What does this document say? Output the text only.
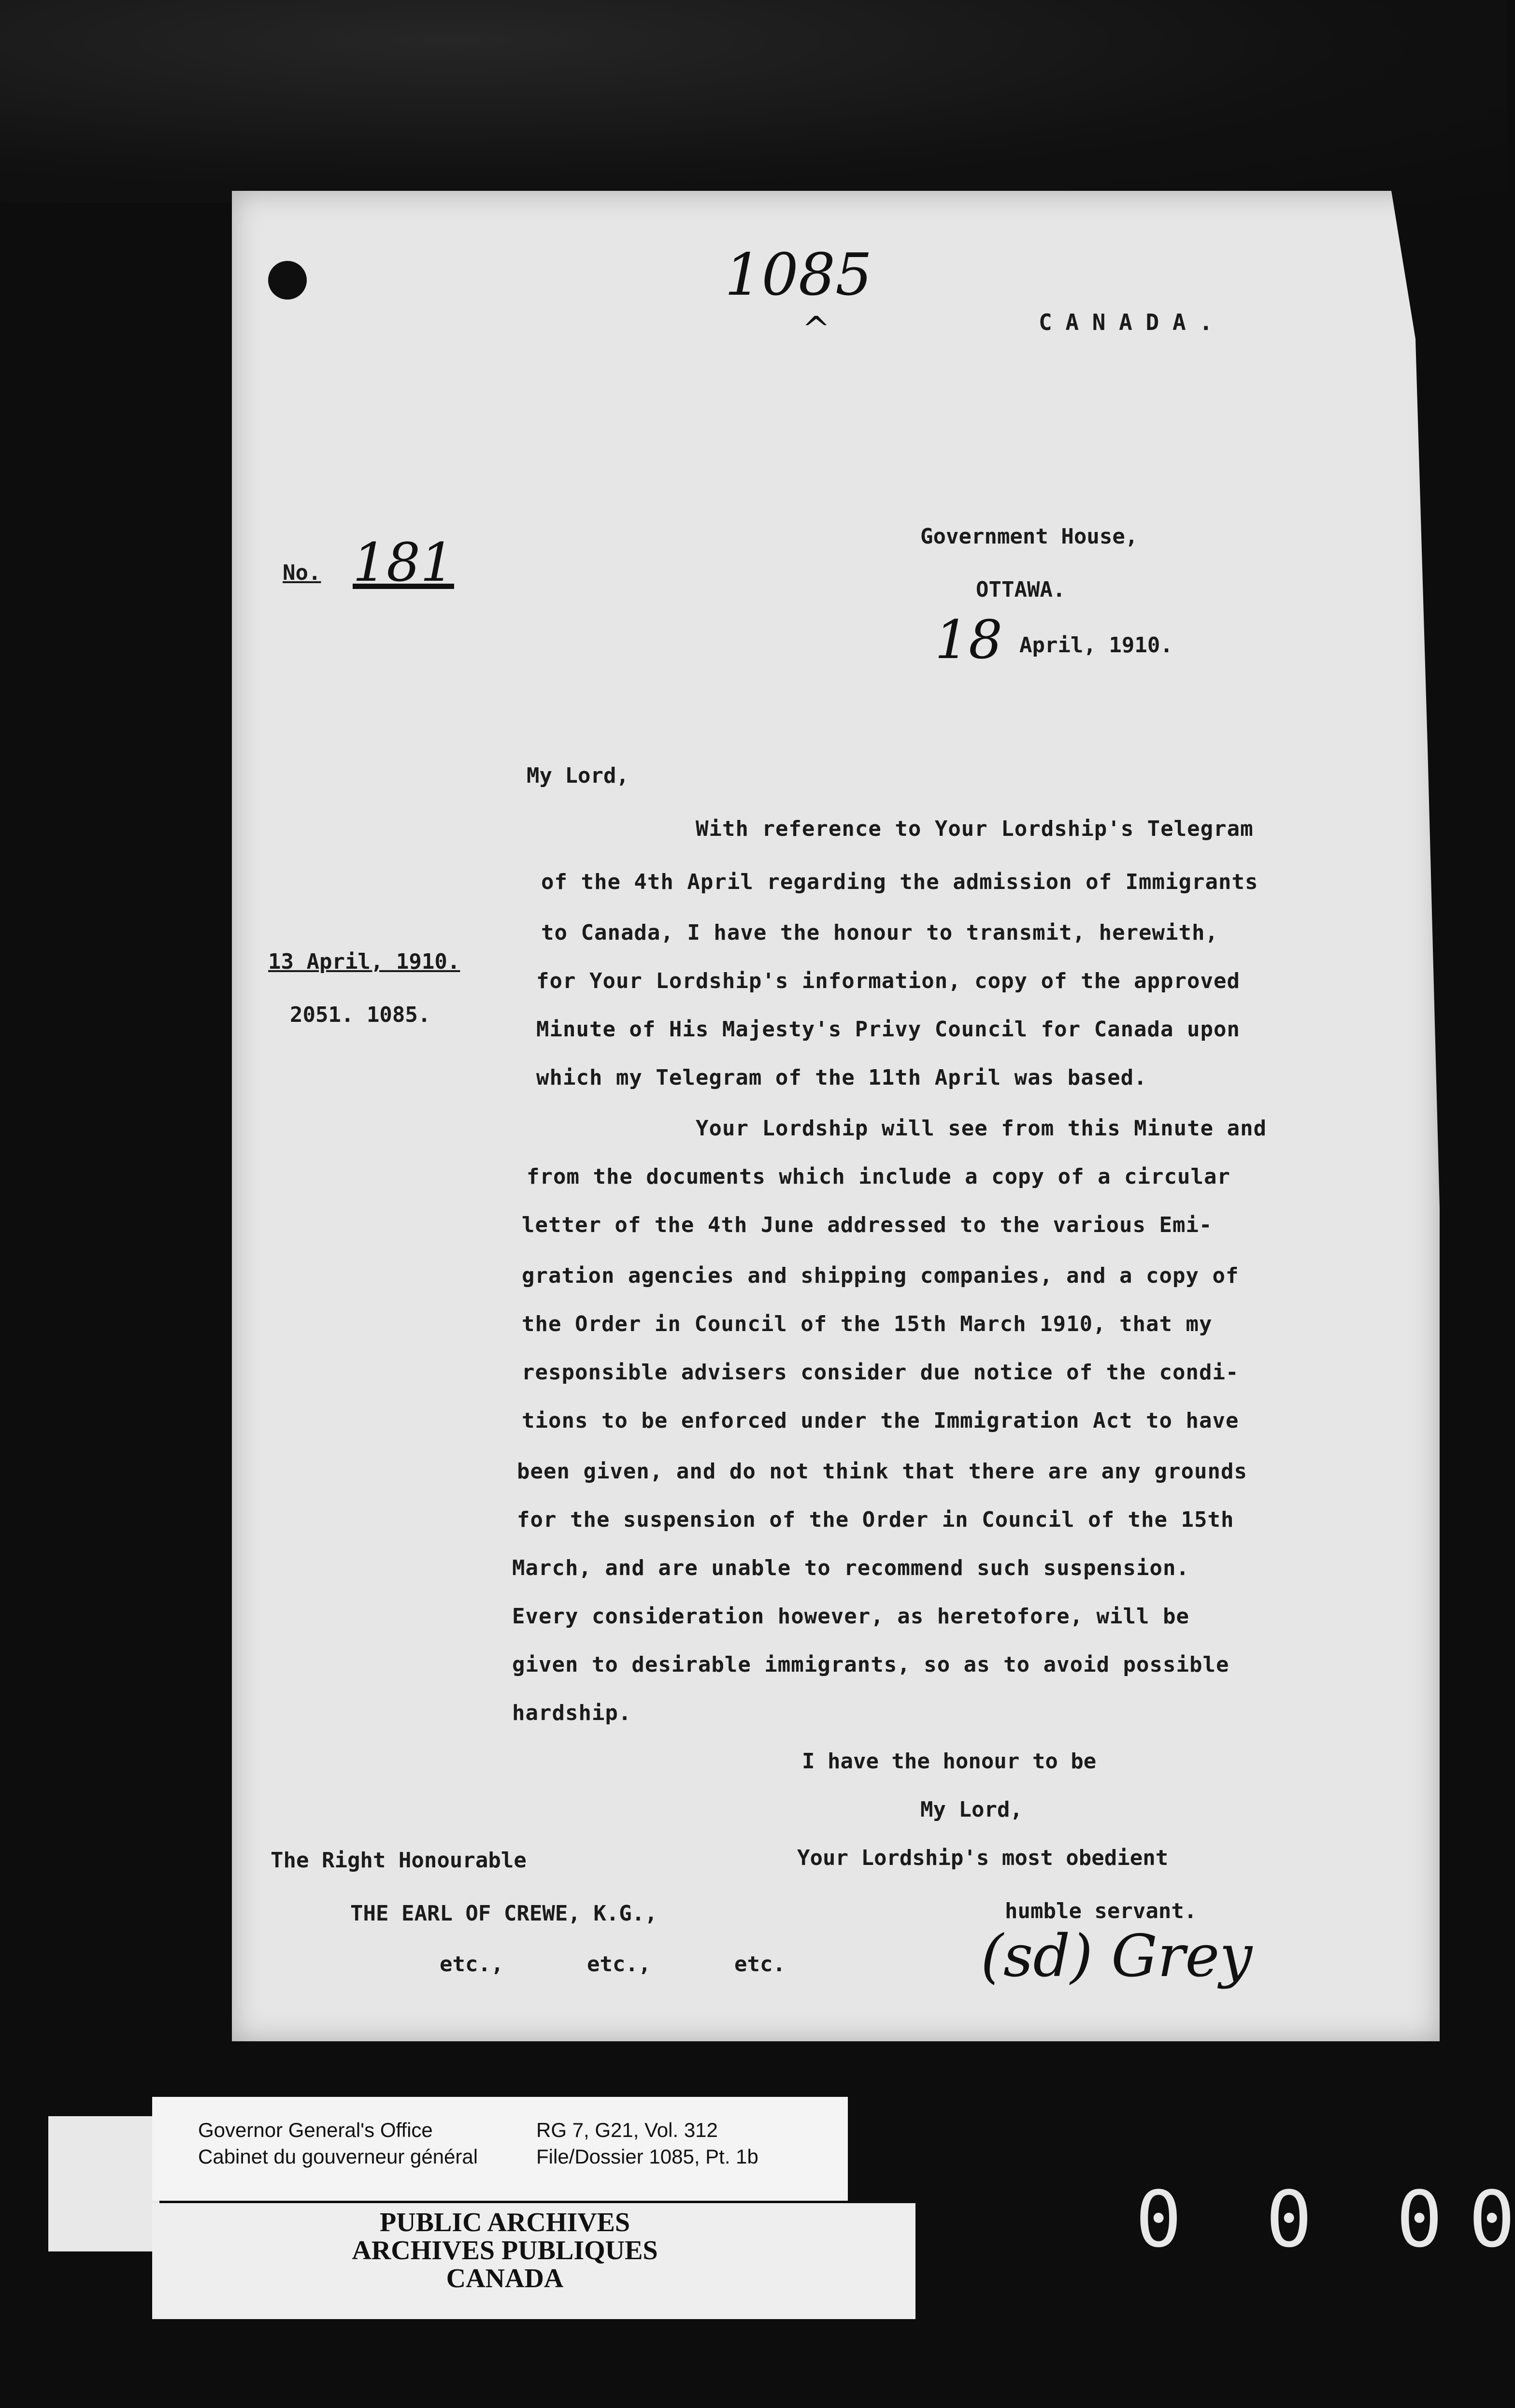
1085
^	C A N A D A .
Government House,
OTTAWA.
18 April, 1910.
No. 181
My Lord,
13 April, 1910.
2051. 1085.
With reference to Your Lordship's Telegram
of the 4th April regarding the admission of Immigrants
to Canada, I have the honour to transmit, herewith,
for Your Lordship's information, copy of the approved
Minute of His Majesty's Privy Council for Canada upon
which my Telegram of the 11th April was based.
Your Lordship will see from this Minute and
from the documents which include a copy of a circular
letter of the 4th June addressed to the various Emi-
gration agencies and shipping companies, and a copy of
the Order in Council of the 15th March 1910, that my
responsible advisers consider due notice of the condi-
tions to be enforced under the Immigration Act to have
been given, and do not think that there are any grounds
for the suspension of the Order in Council of the 15th
March, and are unable to recommend such suspension.
Every consideration however, as heretofore, will be
given to desirable immigrants, so as to avoid possible
hardship.
I have the honour to be
My Lord,
Your Lordship's most obedient
humble servant.
The Right Honourable
THE EARL OF CREWE, K.G.,
etc.,	etc.,	etc.	(sd) Grey
Governor General's Office
Cabinet du gouverneur général
RG 7, G21, Vol. 312
File/Dossier 1085, Pt. 1b
PUBLIC ARCHIVES
ARCHIVES PUBLIQUES
CANADA
0 0 0 0
